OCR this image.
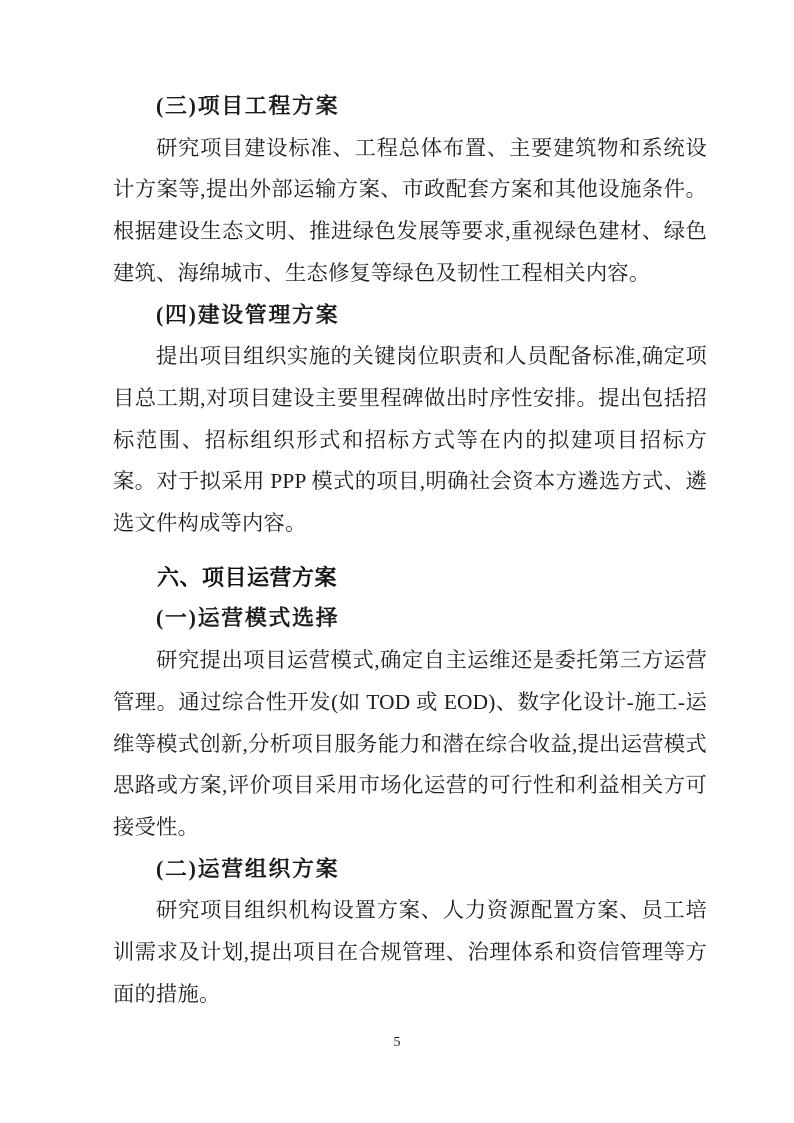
(三)项目工程方案

研究项目建设标准、工程总体布置、主要建筑物和系统设计方案等,提出外部运输方案、市政配套方案和其他设施条件。根据建设生态文明、推进绿色发展等要求,重视绿色建材、绿色建筑、海绵城市、生态修复等绿色及韧性工程相关内容。

(四)建设管理方案

提出项目组织实施的关键岗位职责和人员配备标准,确定项目总工期,对项目建设主要里程碑做出时序性安排。提出包括招标范围、招标组织形式和招标方式等在内的拟建项目招标方案。对于拟采用 PPP 模式的项目,明确社会资本方遴选方式、遴选文件构成等内容。

六、项目运营方案
(一)运营模式选择

研究提出项目运营模式,确定自主运维还是委托第三方运营管理。通过综合性开发(如 TOD 或 EOD)、数字化设计-施工-运维等模式创新,分析项目服务能力和潜在综合收益,提出运营模式思路或方案,评价项目采用市场化运营的可行性和利益相关方可接受性。

(二)运营组织方案

研究项目组织机构设置方案、人力资源配置方案、员工培训需求及计划,提出项目在合规管理、治理体系和资信管理等方面的措施。

5
